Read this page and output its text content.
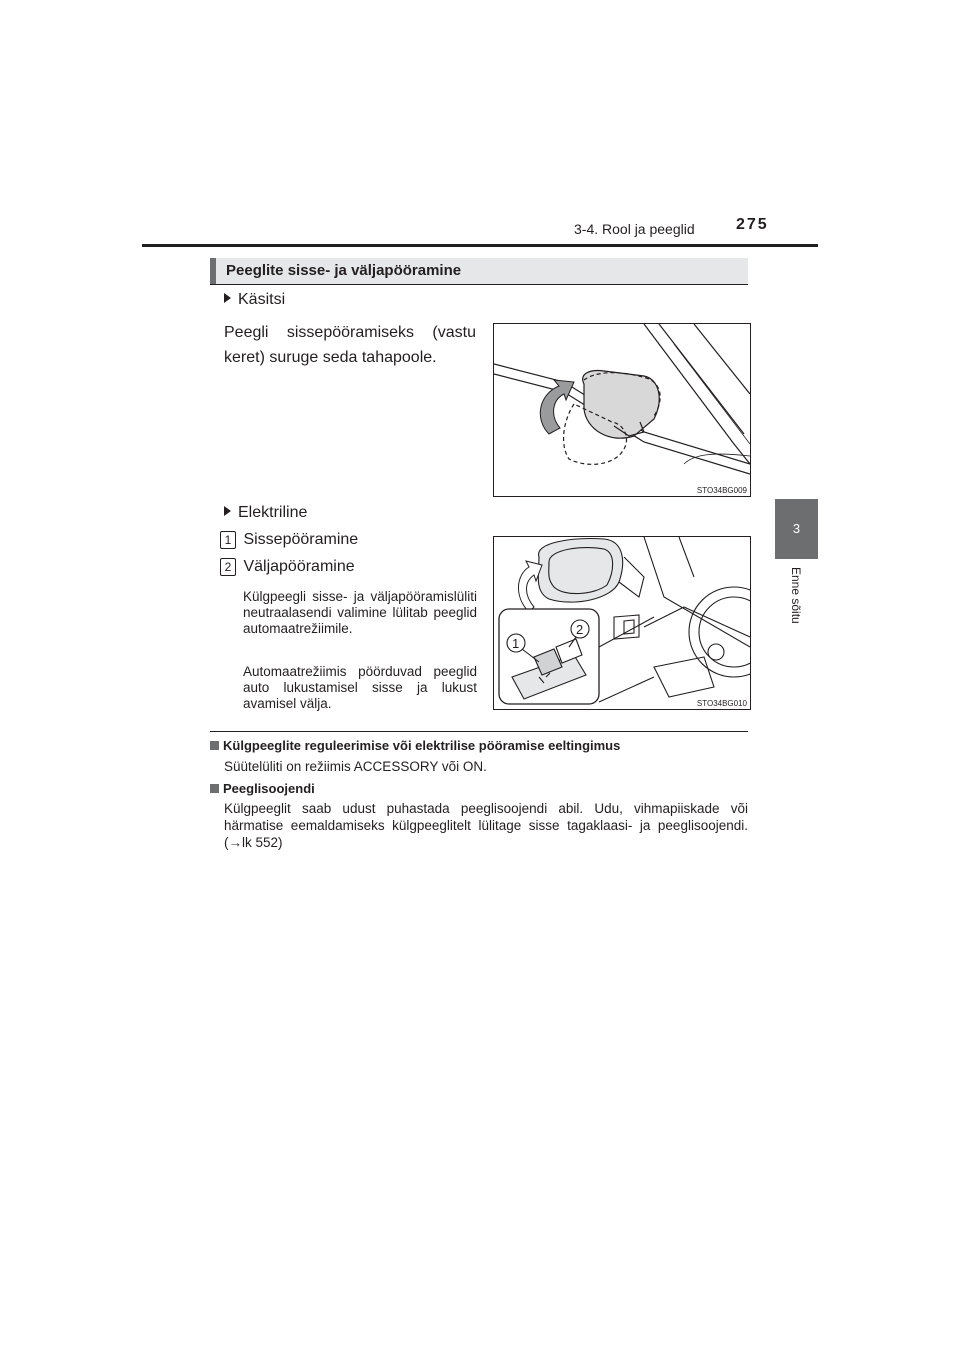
3-4. Rool ja peeglid	275
3
Enne sõitu
Peeglite sisse- ja väljapööramine
Käsitsi
Peegli sissepööramiseks (vastu keret) suruge seda tahapoole.
STO34BG009
Elektriline
1 Sissepööramine
2 Väljapööramine
Külgpeegli sisse- ja väljapööramislüliti neutraalasendi valimine lülitab peeglid automaatrežiimile.
Automaatrežiimis pöörduvad peeglid auto lukustamisel sisse ja lukust avamisel välja.
1
2
STO34BG010
Külgpeeglite reguleerimise või elektrilise pööramise eeltingimus
Süütelüliti on režiimis ACCESSORY või ON.
Peeglisoojendi
Külgpeeglit saab udust puhastada peeglisoojendi abil. Udu, vihmapiiskade või härmatise eemaldamiseks külgpeeglitelt lülitage sisse tagaklaasi- ja peeglisoojendi. (→lk 552)
